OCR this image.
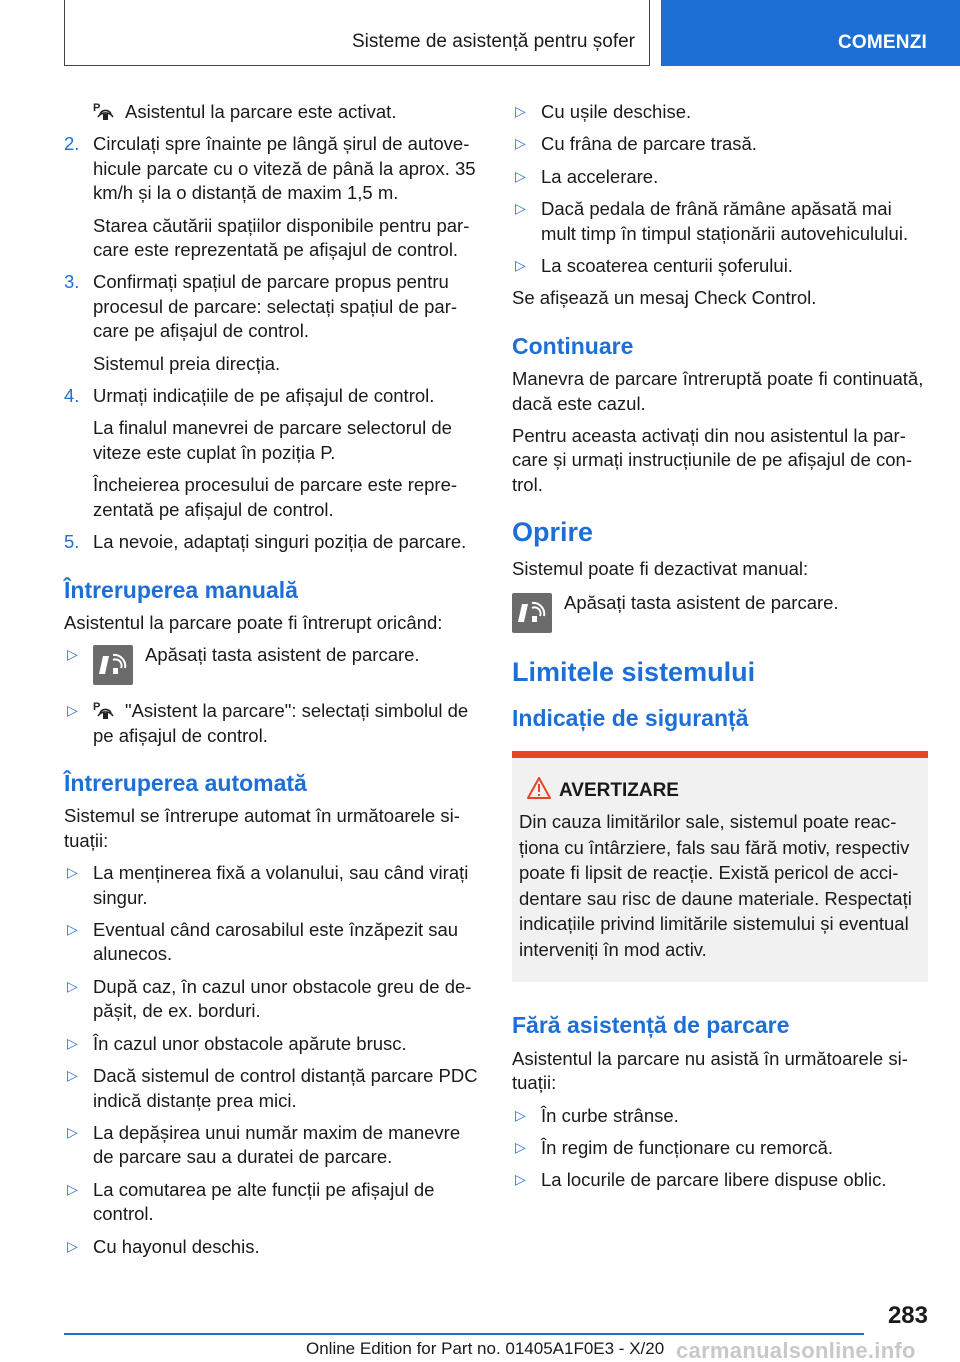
Sisteme de asistență pentru șofer	COMENZI
P Asistentul la parcare este activat.
2. Circulați spre înainte pe lângă șirul de autovehicule parcate cu o viteză de până la aprox. 35 km/h și la o distanță de maxim 1,5 m.
Starea căutării spațiilor disponibile pentru parcare este reprezentată pe afișajul de control.
3. Confirmați spațiul de parcare propus pentru procesul de parcare: selectați spațiul de parcare pe afișajul de control.
Sistemul preia direcția.
4. Urmați indicațiile de pe afișajul de control.
La finalul manevrei de parcare selectorul de viteze este cuplat în poziția P.
Încheierea procesului de parcare este reprezentată pe afișajul de control.
5. La nevoie, adaptați singuri poziția de parcare.
Întreruperea manuală
Asistentul la parcare poate fi întrerupt oricând:
▷	Apăsați tasta asistent de parcare.
▷ P "Asistent la parcare": selectați simbolul de pe afișajul de control.
Întreruperea automată
Sistemul se întrerupe automat în următoarele situații:
▷ La menținerea fixă a volanului, sau când virați singur.
▷ Eventual când carosabilul este înzăpezit sau alunecos.
▷ După caz, în cazul unor obstacole greu de depășit, de ex. borduri.
▷ În cazul unor obstacole apărute brusc.
▷ Dacă sistemul de control distanță parcare PDC indică distanțe prea mici.
▷ La depășirea unui număr maxim de manevre de parcare sau a duratei de parcare.
▷ La comutarea pe alte funcții pe afișajul de control.
▷ Cu hayonul deschis.
▷ Cu ușile deschise.
▷ Cu frâna de parcare trasă.
▷ La accelerare.
▷ Dacă pedala de frână rămâne apăsată mai mult timp în timpul staționării autovehiculului.
▷ La scoaterea centurii șoferului.
Se afișează un mesaj Check Control.
Continuare
Manevra de parcare întreruptă poate fi continuată, dacă este cazul.
Pentru aceasta activați din nou asistentul la parcare și urmați instrucțiunile de pe afișajul de control.
Oprire
Sistemul poate fi dezactivat manual:
Apăsați tasta asistent de parcare.
Limitele sistemului
Indicație de siguranță
AVERTIZARE
Din cauza limitărilor sale, sistemul poate reacționa cu întârziere, fals sau fără motiv, respectiv poate fi lipsit de reacție. Există pericol de accidentare sau risc de daune materiale. Respectați indicațiile privind limitările sistemului și eventual interveniți în mod activ.
Fără asistență de parcare
Asistentul la parcare nu asistă în următoarele situații:
▷ În curbe strânse.
▷ În regim de funcționare cu remorcă.
▷ La locurile de parcare libere dispuse oblic.
283
Online Edition for Part no. 01405A1F0E3 - X/20 carmanualsonline.info
